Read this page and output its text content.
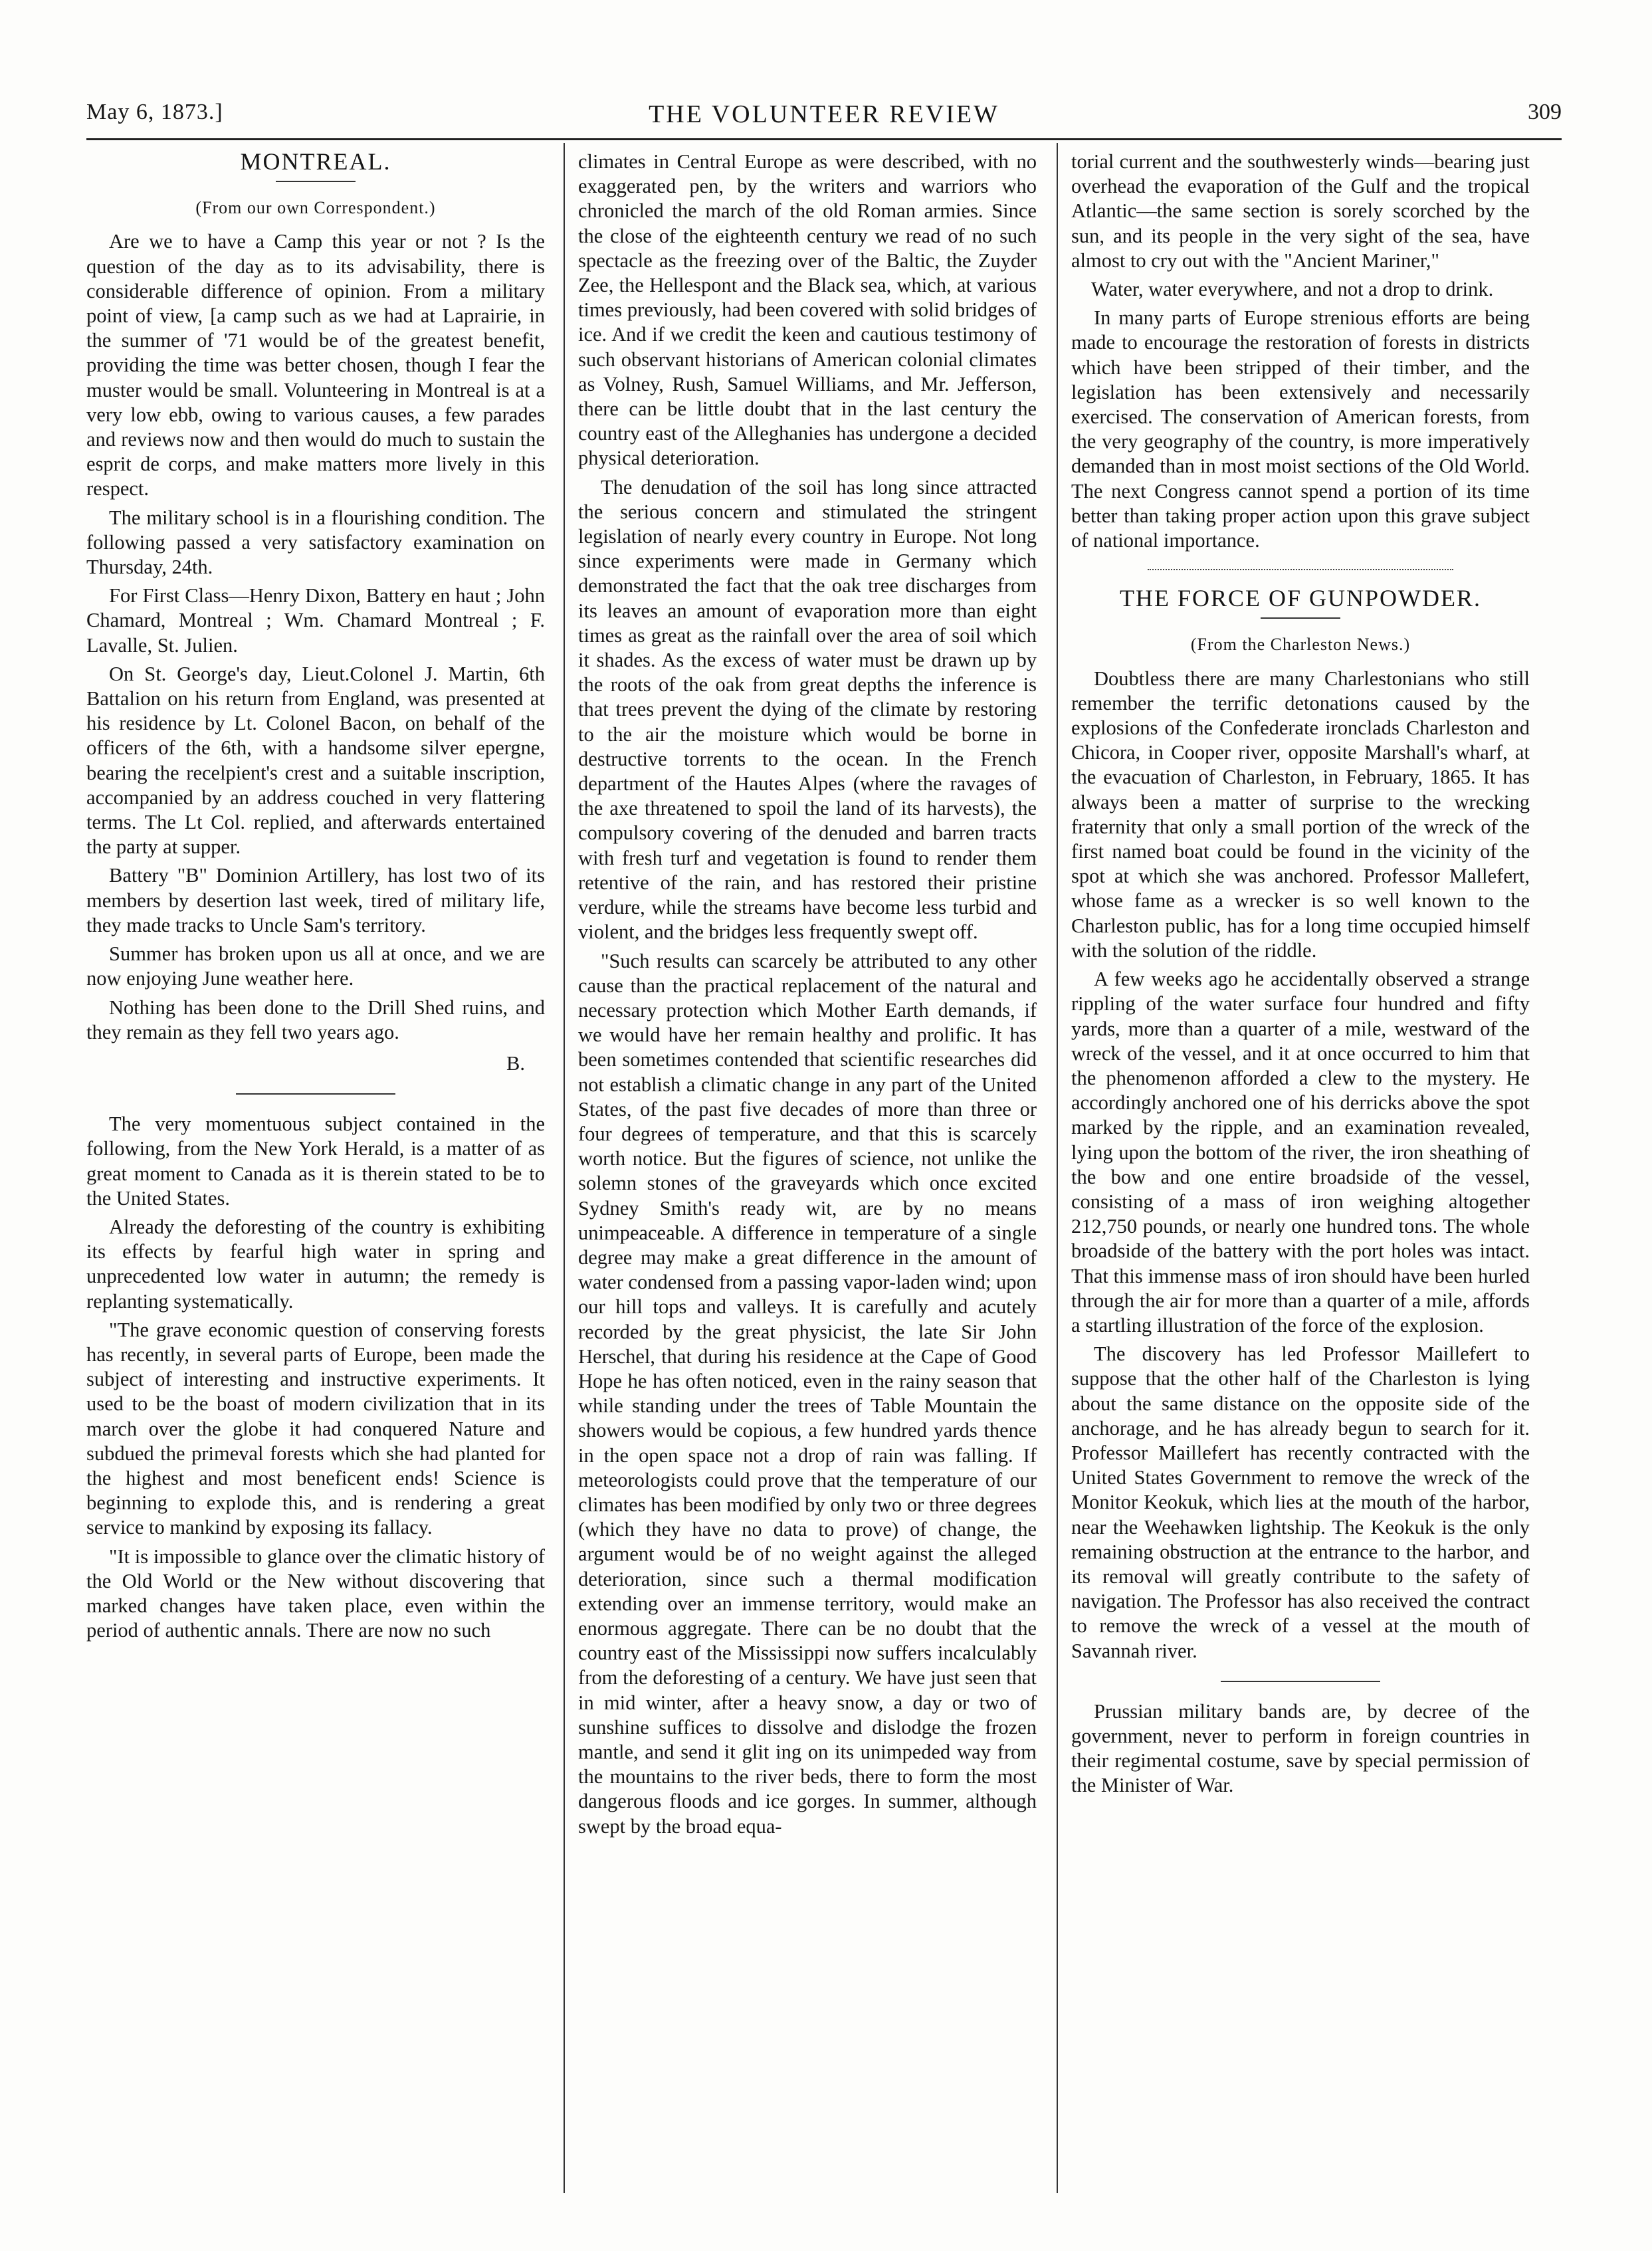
May 6, 1873.]	THE VOLUNTEER REVIEW	309
MONTREAL.
(From our own Correspondent.)

Are we to have a Camp this year or not ? Is the question of the day as to its advisability, there is considerable difference of opinion. From a military point of view, [a camp such as we had at Laprairie, in the summer of '71 would be of the greatest benefit, providing the time was better chosen, though I fear the muster would be small. Volunteering in Montreal is at a very low ebb, owing to various causes, a few parades and reviews now and then would do much to sustain the esprit de corps, and make matters more lively in this respect.

The military school is in a flourishing condition. The following passed a very satisfactory examination on Thursday, 24th.

For First Class—Henry Dixon, Battery en haut ; John Chamard, Montreal ; Wm. Chamard Montreal ; F. Lavalle, St. Julien.

On St. George's day, Lieut.Colonel J. Martin, 6th Battalion on his return from England, was presented at his residence by Lt. Colonel Bacon, on behalf of the officers of the 6th, with a handsome silver epergne, bearing the recelpient's crest and a suitable inscription, accompanied by an address couched in very flattering terms. The Lt Col. replied, and afterwards entertained the party at supper.

Battery "B" Dominion Artillery, has lost two of its members by desertion last week, tired of military life, they made tracks to Uncle Sam's territory.

Summer has broken upon us all at once, and we are now enjoying June weather here.

Nothing has been done to the Drill Shed ruins, and they remain as they fell two years ago.

B.

The very momentuous subject contained in the following, from the New York Herald, is a matter of as great moment to Canada as it is therein stated to be to the United States.

Already the deforesting of the country is exhibiting its effects by fearful high water in spring and unprecedented low water in autumn; the remedy is replanting systematically.

"The grave economic question of conserving forests has recently, in several parts of Europe, been made the subject of interesting and instructive experiments. It used to be the boast of modern civilization that in its march over the globe it had conquered Nature and subdued the primeval forests which she had planted for the highest and most beneficent ends! Science is beginning to explode this, and is rendering a great service to mankind by exposing its fallacy.

"It is impossible to glance over the climatic history of the Old World or the New without discovering that marked changes have taken place, even within the period of authentic annals. There are now no such

climates in Central Europe as were described, with no exaggerated pen, by the writers and warriors who chronicled the march of the old Roman armies. Since the close of the eighteenth century we read of no such spectacle as the freezing over of the Baltic, the Zuyder Zee, the Hellespont and the Black sea, which, at various times previously, had been covered with solid bridges of ice. And if we credit the keen and cautious testimony of such observant historians of American colonial climates as Volney, Rush, Samuel Williams, and Mr. Jefferson, there can be little doubt that in the last century the country east of the Alleghanies has undergone a decided physical deterioration.

The denudation of the soil has long since attracted the serious concern and stimulated the stringent legislation of nearly every country in Europe. Not long since experiments were made in Germany which demonstrated the fact that the oak tree discharges from its leaves an amount of evaporation more than eight times as great as the rainfall over the area of soil which it shades. As the excess of water must be drawn up by the roots of the oak from great depths the inference is that trees prevent the dying of the climate by restoring to the air the moisture which would be borne in destructive torrents to the ocean. In the French department of the Hautes Alpes (where the ravages of the axe threatened to spoil the land of its harvests), the compulsory covering of the denuded and barren tracts with fresh turf and vegetation is found to render them retentive of the rain, and has restored their pristine verdure, while the streams have become less turbid and violent, and the bridges less frequently swept off.

"Such results can scarcely be attributed to any other cause than the practical replacement of the natural and necessary protection which Mother Earth demands, if we would have her remain healthy and prolific. It has been sometimes contended that scientific researches did not establish a climatic change in any part of the United States, of the past five decades of more than three or four degrees of temperature, and that this is scarcely worth notice. But the figures of science, not unlike the solemn stones of the graveyards which once excited Sydney Smith's ready wit, are by no means unimpeaceable. A difference in temperature of a single degree may make a great difference in the amount of water condensed from a passing vapor-laden wind; upon our hill tops and valleys. It is carefully and acutely recorded by the great physicist, the late Sir John Herschel, that during his residence at the Cape of Good Hope he has often noticed, even in the rainy season that while standing under the trees of Table Mountain the showers would be copious, a few hundred yards thence in the open space not a drop of rain was falling. If meteorologists could prove that the temperature of our climates has been modified by only two or three degrees (which they have no data to prove) of change, the argument would be of no weight against the alleged deterioration, since such a thermal modification extending over an immense territory, would make an enormous aggregate. There can be no doubt that the country east of the Mississippi now suffers incalculably from the deforesting of a century. We have just seen that in mid winter, after a heavy snow, a day or two of sunshine suffices to dissolve and dislodge the frozen mantle, and send it glit ing on its unimpeded way from the mountains to the river beds, there to form the most dangerous floods and ice gorges. In summer, although swept by the broad equa-

torial current and the southwesterly winds—bearing just overhead the evaporation of the Gulf and the tropical Atlantic—the same section is sorely scorched by the sun, and its people in the very sight of the sea, have almost to cry out with the "Ancient Mariner,"

Water, water everywhere, and not a drop to drink.

In many parts of Europe strenious efforts are being made to encourage the restoration of forests in districts which have been stripped of their timber, and the legislation has been extensively and necessarily exercised. The conservation of American forests, from the very geography of the country, is more imperatively demanded than in most moist sections of the Old World. The next Congress cannot spend a portion of its time better than taking proper action upon this grave subject of national importance.

THE FORCE OF GUNPOWDER.
(From the Charleston News.)

Doubtless there are many Charlestonians who still remember the terrific detonations caused by the explosions of the Confederate ironclads Charleston and Chicora, in Cooper river, opposite Marshall's wharf, at the evacuation of Charleston, in February, 1865. It has always been a matter of surprise to the wrecking fraternity that only a small portion of the wreck of the first named boat could be found in the vicinity of the spot at which she was anchored. Professor Mallefert, whose fame as a wrecker is so well known to the Charleston public, has for a long time occupied himself with the solution of the riddle.

A few weeks ago he accidentally observed a strange rippling of the water surface four hundred and fifty yards, more than a quarter of a mile, westward of the wreck of the vessel, and it at once occurred to him that the phenomenon afforded a clew to the mystery. He accordingly anchored one of his derricks above the spot marked by the ripple, and an examination revealed, lying upon the bottom of the river, the iron sheathing of the bow and one entire broadside of the vessel, consisting of a mass of iron weighing altogether 212,750 pounds, or nearly one hundred tons. The whole broadside of the battery with the port holes was intact. That this immense mass of iron should have been hurled through the air for more than a quarter of a mile, affords a startling illustration of the force of the explosion.

The discovery has led Professor Maillefert to suppose that the other half of the Charleston is lying about the same distance on the opposite side of the anchorage, and he has already begun to search for it. Professor Maillefert has recently contracted with the United States Government to remove the wreck of the Monitor Keokuk, which lies at the mouth of the harbor, near the Weehawken lightship. The Keokuk is the only remaining obstruction at the entrance to the harbor, and its removal will greatly contribute to the safety of navigation. The Professor has also received the contract to remove the wreck of a vessel at the mouth of Savannah river.

Prussian military bands are, by decree of the government, never to perform in foreign countries in their regimental costume, save by special permission of the Minister of War.
